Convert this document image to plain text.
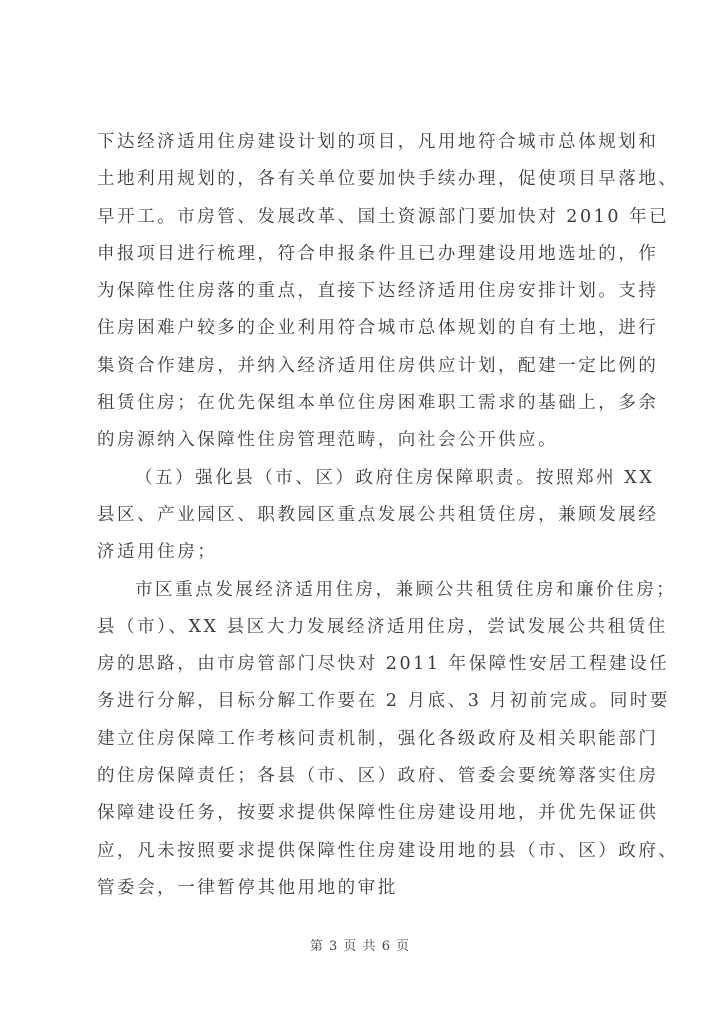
下达经济适用住房建设计划的项目，凡用地符合城市总体规划和
土地利用规划的，各有关单位要加快手续办理，促使项目早落地、
早开工。市房管、发展改革、国土资源部门要加快对 2010 年已
申报项目进行梳理，符合申报条件且已办理建设用地选址的，作
为保障性住房落的重点，直接下达经济适用住房安排计划。支持
住房困难户较多的企业利用符合城市总体规划的自有土地，进行
集资合作建房，并纳入经济适用住房供应计划，配建一定比例的
租赁住房；在优先保组本单位住房困难职工需求的基础上，多余
的房源纳入保障性住房管理范畴，向社会公开供应。
（五）强化县（市、区）政府住房保障职责。按照郑州 XX
县区、产业园区、职教园区重点发展公共租赁住房，兼顾发展经
济适用住房；
市区重点发展经济适用住房，兼顾公共租赁住房和廉价住房；
县（市）、XX 县区大力发展经济适用住房，尝试发展公共租赁住
房的思路，由市房管部门尽快对 2011 年保障性安居工程建设任
务进行分解，目标分解工作要在 2 月底、3 月初前完成。同时要
建立住房保障工作考核问责机制，强化各级政府及相关职能部门
的住房保障责任；各县（市、区）政府、管委会要统筹落实住房
保障建设任务，按要求提供保障性住房建设用地，并优先保证供
应，凡未按照要求提供保障性住房建设用地的县（市、区）政府、
管委会，一律暂停其他用地的审批
第 3 页 共 6 页
